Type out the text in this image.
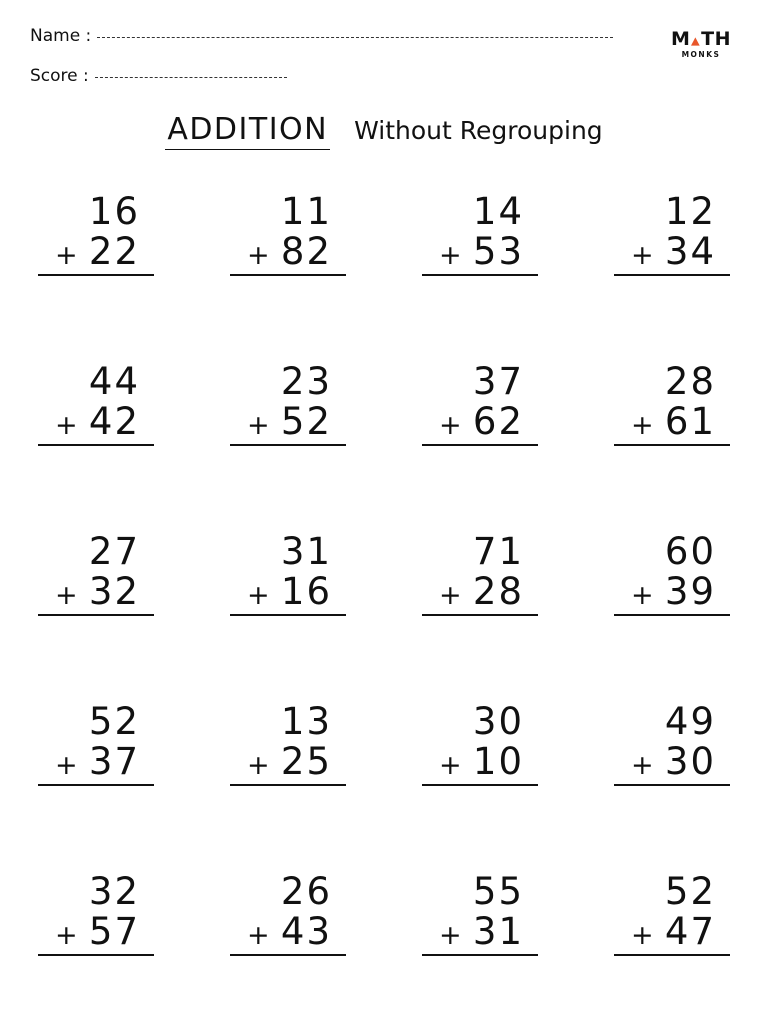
Name :
Score :
M TH
MONKS
ADDITION Without Regrouping
16
+ 22
11
+ 82
14
+ 53
12
+ 34
44
+ 42
23
+ 52
37
+ 62
28
+ 61
27
+ 32
31
+ 16
71
+ 28
60
+ 39
52
+ 37
13
+ 25
30
+ 10
49
+ 30
32
+ 57
26
+ 43
55
+ 31
52
+ 47
